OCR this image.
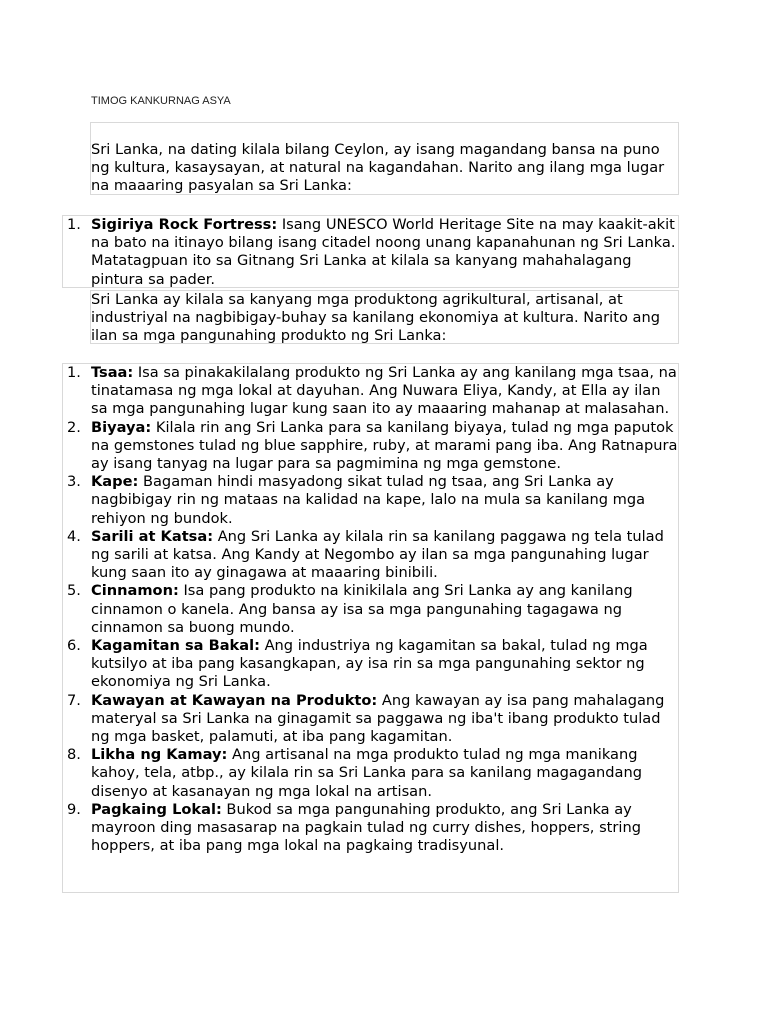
TIMOG KANKURNAG ASYA

Sri Lanka, na dating kilala bilang Ceylon, ay isang magandang bansa na puno ng kultura, kasaysayan, at natural na kagandahan. Narito ang ilang mga lugar na maaaring pasyalan sa Sri Lanka:

1. Sigiriya Rock Fortress: Isang UNESCO World Heritage Site na may kaakit-akit na bato na itinayo bilang isang citadel noong unang kapanahunan ng Sri Lanka. Matatagpuan ito sa Gitnang Sri Lanka at kilala sa kanyang mahahalagang pintura sa pader.

Sri Lanka ay kilala sa kanyang mga produktong agrikultural, artisanal, at industriyal na nagbibigay-buhay sa kanilang ekonomiya at kultura. Narito ang ilan sa mga pangunahing produkto ng Sri Lanka:

1. Tsaa: Isa sa pinakakilalang produkto ng Sri Lanka ay ang kanilang mga tsaa, na tinatamasa ng mga lokal at dayuhan. Ang Nuwara Eliya, Kandy, at Ella ay ilan sa mga pangunahing lugar kung saan ito ay maaaring mahanap at malasahan.
2. Biyaya: Kilala rin ang Sri Lanka para sa kanilang biyaya, tulad ng mga paputok na gemstones tulad ng blue sapphire, ruby, at marami pang iba. Ang Ratnapura ay isang tanyag na lugar para sa pagmimina ng mga gemstone.
3. Kape: Bagaman hindi masyadong sikat tulad ng tsaa, ang Sri Lanka ay nagbibigay rin ng mataas na kalidad na kape, lalo na mula sa kanilang mga rehiyon ng bundok.
4. Sarili at Katsa: Ang Sri Lanka ay kilala rin sa kanilang paggawa ng tela tulad ng sarili at katsa. Ang Kandy at Negombo ay ilan sa mga pangunahing lugar kung saan ito ay ginagawa at maaaring binibili.
5. Cinnamon: Isa pang produkto na kinikilala ang Sri Lanka ay ang kanilang cinnamon o kanela. Ang bansa ay isa sa mga pangunahing tagagawa ng cinnamon sa buong mundo.
6. Kagamitan sa Bakal: Ang industriya ng kagamitan sa bakal, tulad ng mga kutsilyo at iba pang kasangkapan, ay isa rin sa mga pangunahing sektor ng ekonomiya ng Sri Lanka.
7. Kawayan at Kawayan na Produkto: Ang kawayan ay isa pang mahalagang materyal sa Sri Lanka na ginagamit sa paggawa ng iba't ibang produkto tulad ng mga basket, palamuti, at iba pang kagamitan.
8. Likha ng Kamay: Ang artisanal na mga produkto tulad ng mga manikang kahoy, tela, atbp., ay kilala rin sa Sri Lanka para sa kanilang magagandang disenyo at kasanayan ng mga lokal na artisan.
9. Pagkaing Lokal: Bukod sa mga pangunahing produkto, ang Sri Lanka ay mayroon ding masasarap na pagkain tulad ng curry dishes, hoppers, string hoppers, at iba pang mga lokal na pagkaing tradisyunal.
